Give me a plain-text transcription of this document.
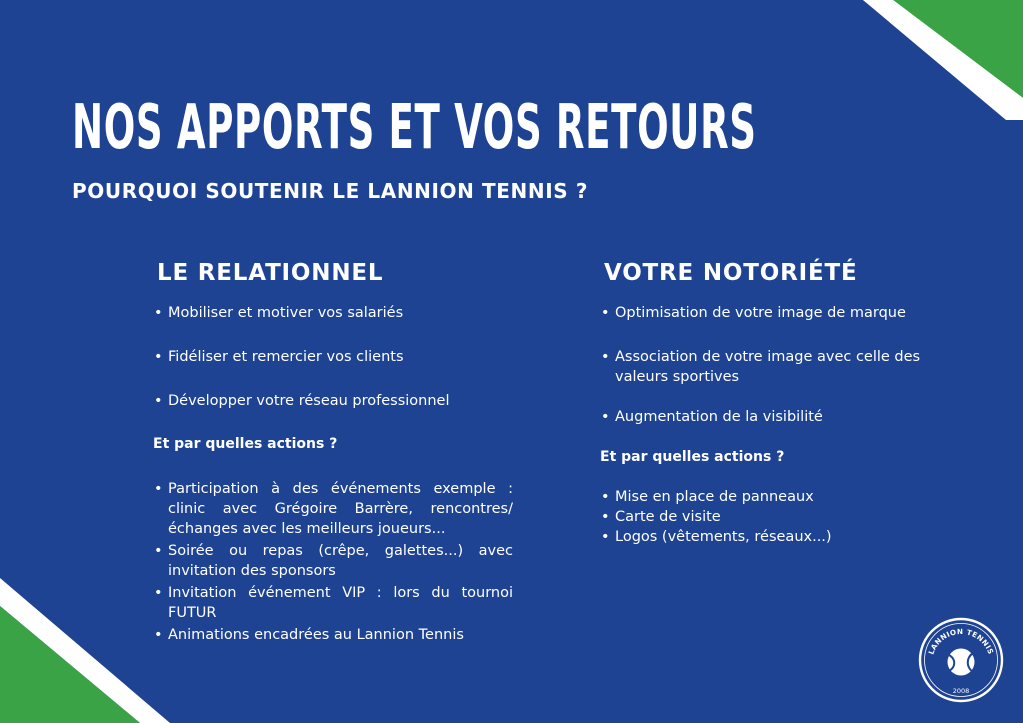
NOS APPORTS ET VOS RETOURS
POURQUOI SOUTENIR LE LANNION TENNIS ?
LE RELATIONNEL
• Mobiliser et motiver vos salariés
• Fidéliser et remercier vos clients
• Développer votre réseau professionnel
Et par quelles actions ?
• Participation à des événements exemple : clinic avec Grégoire Barrère, rencontres/ échanges avec les meilleurs joueurs...
• Soirée ou repas (crêpe, galettes...) avec invitation des sponsors
• Invitation événement VIP : lors du tournoi FUTUR
• Animations encadrées au Lannion Tennis
VOTRE NOTORIÉTÉ
• Optimisation de votre image de marque
• Association de votre image avec celle des valeurs sportives
• Augmentation de la visibilité
Et par quelles actions ?
• Mise en place de panneaux
• Carte de visite
• Logos (vêtements, réseaux...)
LANNION TENNIS
2008
